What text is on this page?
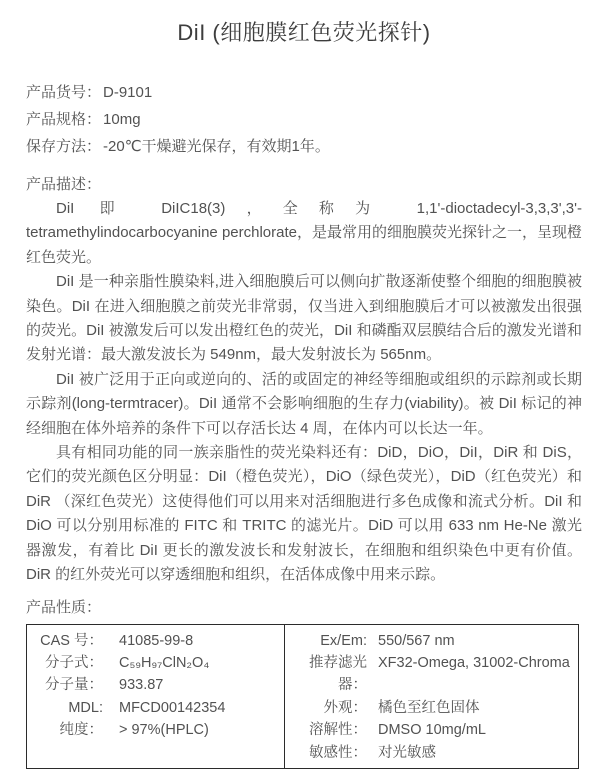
DiI (细胞膜红色荧光探针)
产品货号： D-9101
产品规格： 10mg
保存方法： -20℃干燥避光保存，有效期1年。
产品描述：

DiI 即 DiIC18(3)，全称为 1,1'-dioctadecyl-3,3,3',3'-tetramethylindocarbocyanine perchlorate，是最常用的细胞膜荧光探针之一，呈现橙红色荧光。

DiI 是一种亲脂性膜染料,进入细胞膜后可以侧向扩散逐渐使整个细胞的细胞膜被染色。DiI 在进入细胞膜之前荧光非常弱，仅当进入到细胞膜后才可以被激发出很强的荧光。DiI 被激发后可以发出橙红色的荧光，DiI 和磷酯双层膜结合后的激发光谱和发射光谱：最大激发波长为 549nm，最大发射波长为 565nm。

DiI 被广泛用于正向或逆向的、活的或固定的神经等细胞或组织的示踪剂或长期示踪剂(long-termtracer)。DiI 通常不会影响细胞的生存力(viability)。被 DiI 标记的神经细胞在体外培养的条件下可以存活长达 4 周，在体内可以长达一年。

具有相同功能的同一族亲脂性的荧光染料还有：DiD，DiO，DiI，DiR 和 DiS，它们的荧光颜色区分明显：DiI（橙色荧光），DiO（绿色荧光），DiD（红色荧光）和 DiR （深红色荧光）这使得他们可以用来对活细胞进行多色成像和流式分析。DiI 和 DiO 可以分别用标准的 FITC 和 TRITC 的滤光片。DiD 可以用 633 nm He-Ne 激光器激发，有着比 DiI 更长的激发波长和发射波长，在细胞和组织染色中更有价值。 DiR 的红外荧光可以穿透细胞和组织，在活体成像中用来示踪。

产品性质：
CAS 号： 41085-99-8
分子式： C₅₉H₉₇ClN₂O₄
分子量： 933.87
MDL: MFCD00142354
纯度： > 97%(HPLC)
Ex/Em: 550/567 nm
推荐滤光器：
XF32-Omega, 31002-Chroma
外观： 橘色至红色固体
溶解性： DMSO 10mg/mL
敏感性： 对光敏感
